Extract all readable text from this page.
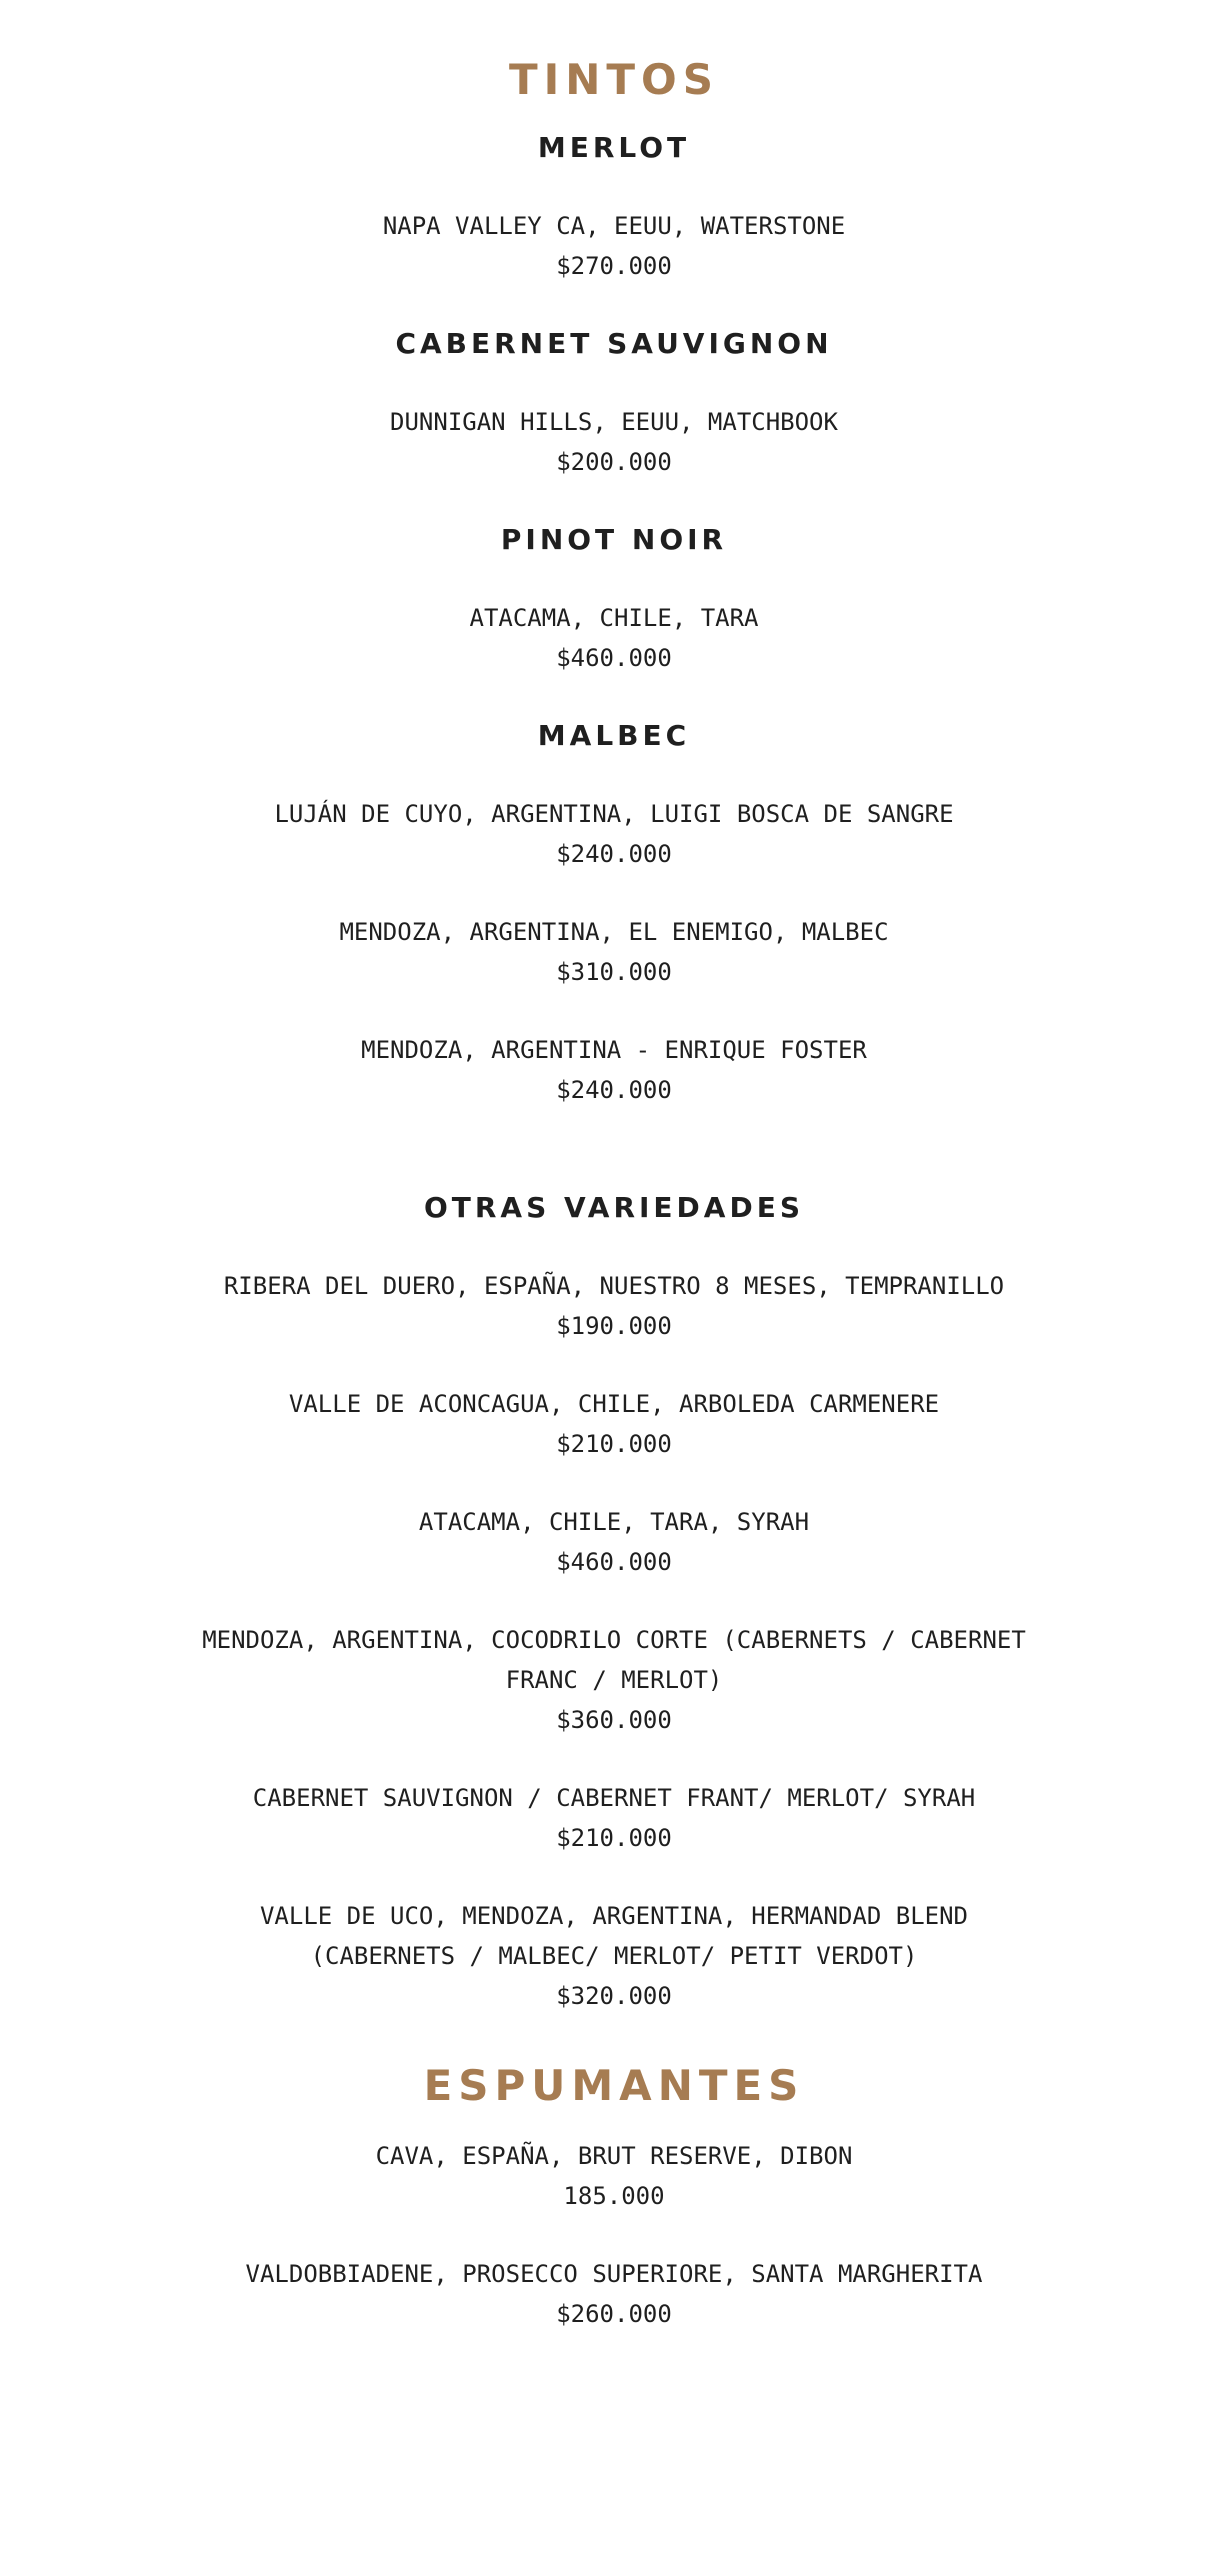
TINTOS
MERLOT
NAPA VALLEY CA, EEUU, WATERSTONE
$270.000
CABERNET SAUVIGNON
DUNNIGAN HILLS, EEUU, MATCHBOOK
$200.000
PINOT NOIR
ATACAMA, CHILE, TARA
$460.000
MALBEC
LUJÁN DE CUYO, ARGENTINA, LUIGI BOSCA DE SANGRE
$240.000
MENDOZA, ARGENTINA, EL ENEMIGO, MALBEC
$310.000
MENDOZA, ARGENTINA - ENRIQUE FOSTER
$240.000
OTRAS VARIEDADES
RIBERA DEL DUERO, ESPAÑA, NUESTRO 8 MESES, TEMPRANILLO
$190.000
VALLE DE ACONCAGUA, CHILE, ARBOLEDA CARMENERE
$210.000
ATACAMA, CHILE, TARA, SYRAH
$460.000
MENDOZA, ARGENTINA, COCODRILO CORTE (CABERNETS / CABERNET FRANC / MERLOT)
$360.000
CABERNET SAUVIGNON / CABERNET FRANT/ MERLOT/ SYRAH
$210.000
VALLE DE UCO, MENDOZA, ARGENTINA, HERMANDAD BLEND (CABERNETS / MALBEC/ MERLOT/ PETIT VERDOT)
$320.000
ESPUMANTES
CAVA, ESPAÑA, BRUT RESERVE, DIBON
185.000
VALDOBBIADENE, PROSECCO SUPERIORE, SANTA MARGHERITA
$260.000
